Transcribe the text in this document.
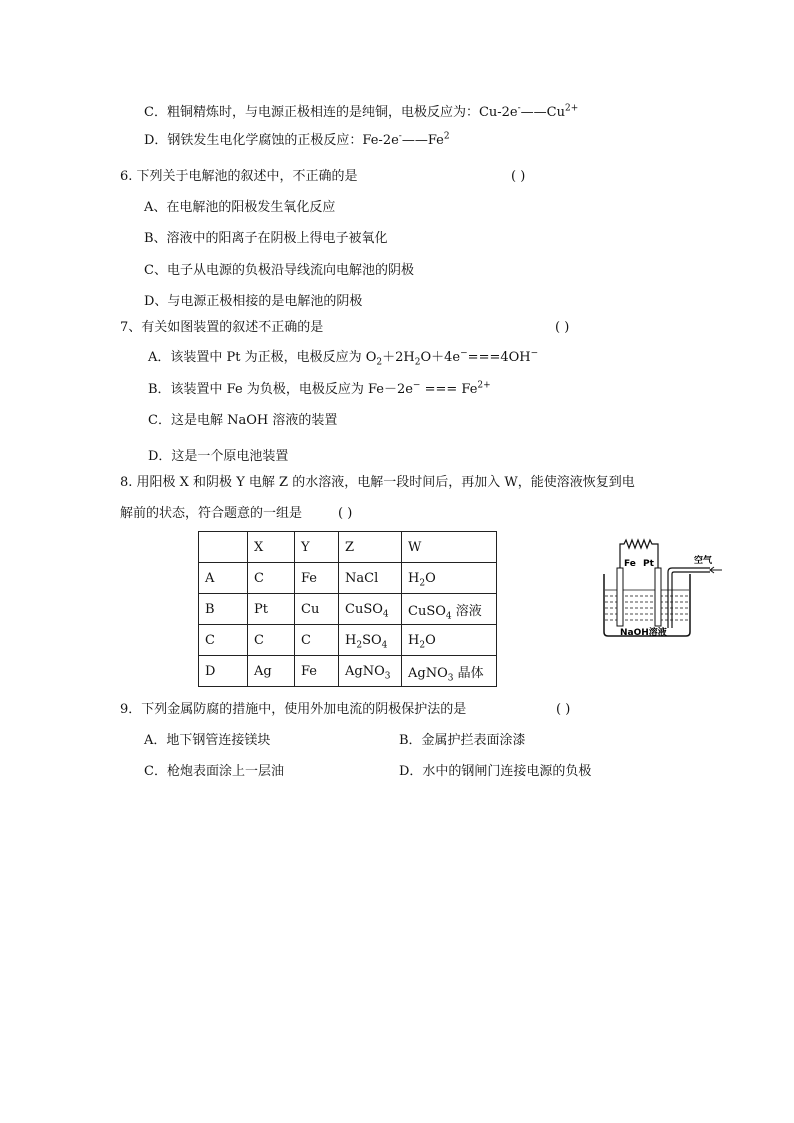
C．粗铜精炼时，与电源正极相连的是纯铜，电极反应为：$Cu-2e^-——Cu^{2+}$
D．钢铁发生电化学腐蚀的正极反应：Fe-2e-——Fe$^2$
6. 下列关于电解池的叙述中，不正确的是	( )
A、在电解池的阳极发生氧化反应
B、溶液中的阳离子在阴极上得电子被氧化
C、电子从电源的负极沿导线流向电解池的阴极
D、与电源正极相接的是电解池的阴极
7、有关如图装置的叙述不正确的是	( )
A．该装置中 Pt 为正极，电极反应为 $O_2+2H_2O+4e^-===4OH^-$
B．该装置中 Fe 为负极，电极反应为 Fe－2e− === $Fe^{2+}$
C．这是电解 NaOH 溶液的装置
D．这是一个原电池装置
8. 用阳极 X 和阴极 Y 电解 Z 的水溶液，电解一段时间后，再加入 W，能使溶液恢复到电
解前的状态，符合题意的一组是	( )
	X	Y	Z	W
A	C	Fe	NaCl	$H_2O$
B	Pt	Cu	CuSO$_4$	CuSO$_4$ 溶液
C	C	C	$H_2SO_4$	$H_2O$
D	Ag	Fe	AgNO$_3$	AgNO$_3$ 晶体
Fe Pt	空气
NaOH溶液
9．下列金属防腐的措施中，使用外加电流的阴极保护法的是	( )
A．地下钢管连接镁块	B．金属护拦表面涂漆
C．枪炮表面涂上一层油	D．水中的钢闸门连接电源的负极
